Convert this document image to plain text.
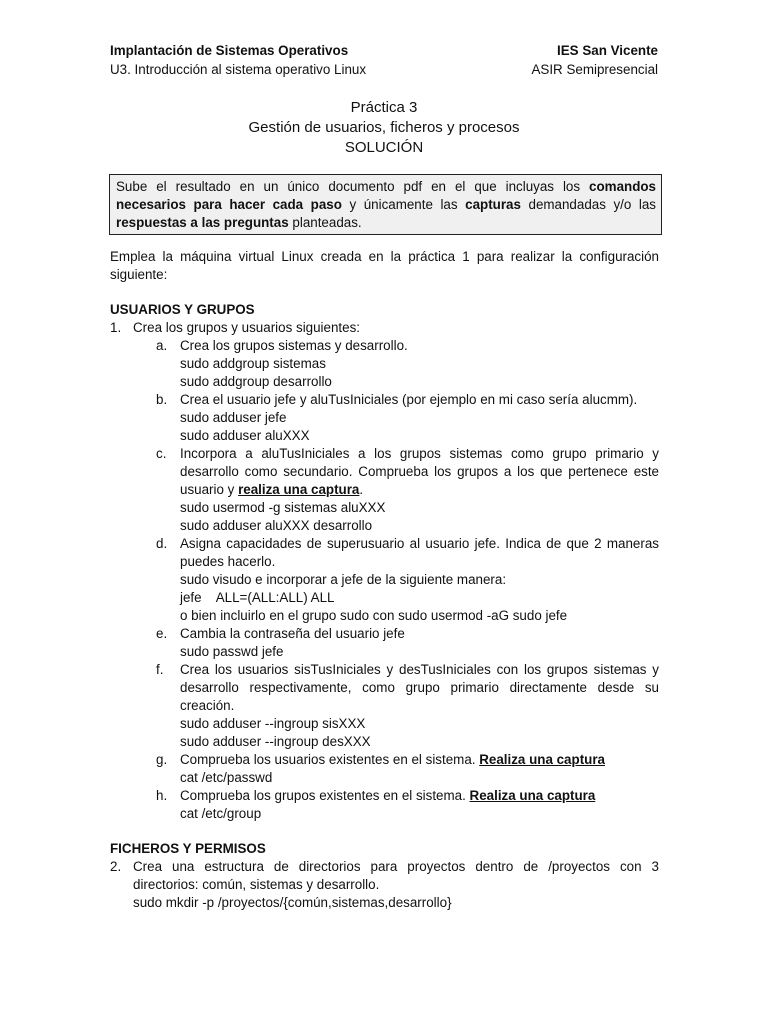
Implantación de Sistemas Operativos
U3. Introducción al sistema operativo Linux
IES San Vicente
ASIR Semipresencial
Práctica 3
Gestión de usuarios, ficheros y procesos
SOLUCIÓN
Sube el resultado en un único documento pdf en el que incluyas los comandos
necesarios para hacer cada paso y únicamente las capturas demandadas y/o las
respuestas a las preguntas planteadas.
Emplea la máquina virtual Linux creada en la práctica 1 para realizar la configuración
siguiente:
USUARIOS Y GRUPOS
1. Crea los grupos y usuarios siguientes:
a. Crea los grupos sistemas y desarrollo.
sudo addgroup sistemas
sudo addgroup desarrollo
b. Crea el usuario jefe y aluTusIniciales (por ejemplo en mi caso sería alucmm).
sudo adduser jefe
sudo adduser aluXXX
c. Incorpora a aluTusIniciales a los grupos sistemas como grupo primario y
desarrollo como secundario. Comprueba los grupos a los que pertenece este
usuario y realiza una captura.
sudo usermod -g sistemas aluXXX
sudo adduser aluXXX desarrollo
d. Asigna capacidades de superusuario al usuario jefe. Indica de que 2 maneras
puedes hacerlo.
sudo visudo e incorporar a jefe de la siguiente manera:
jefe    ALL=(ALL:ALL) ALL
o bien incluirlo en el grupo sudo con sudo usermod -aG sudo jefe
e. Cambia la contraseña del usuario jefe
sudo passwd jefe
f. Crea los usuarios sisTusIniciales y desTusIniciales con los grupos sistemas y
desarrollo respectivamente, como grupo primario directamente desde su
creación.
sudo adduser --ingroup sisXXX
sudo adduser --ingroup desXXX
g. Comprueba los usuarios existentes en el sistema. Realiza una captura
cat /etc/passwd
h. Comprueba los grupos existentes en el sistema. Realiza una captura
cat /etc/group
FICHEROS Y PERMISOS
2. Crea una estructura de directorios para proyectos dentro de /proyectos con 3
directorios: común, sistemas y desarrollo.
sudo mkdir -p /proyectos/{común,sistemas,desarrollo}
